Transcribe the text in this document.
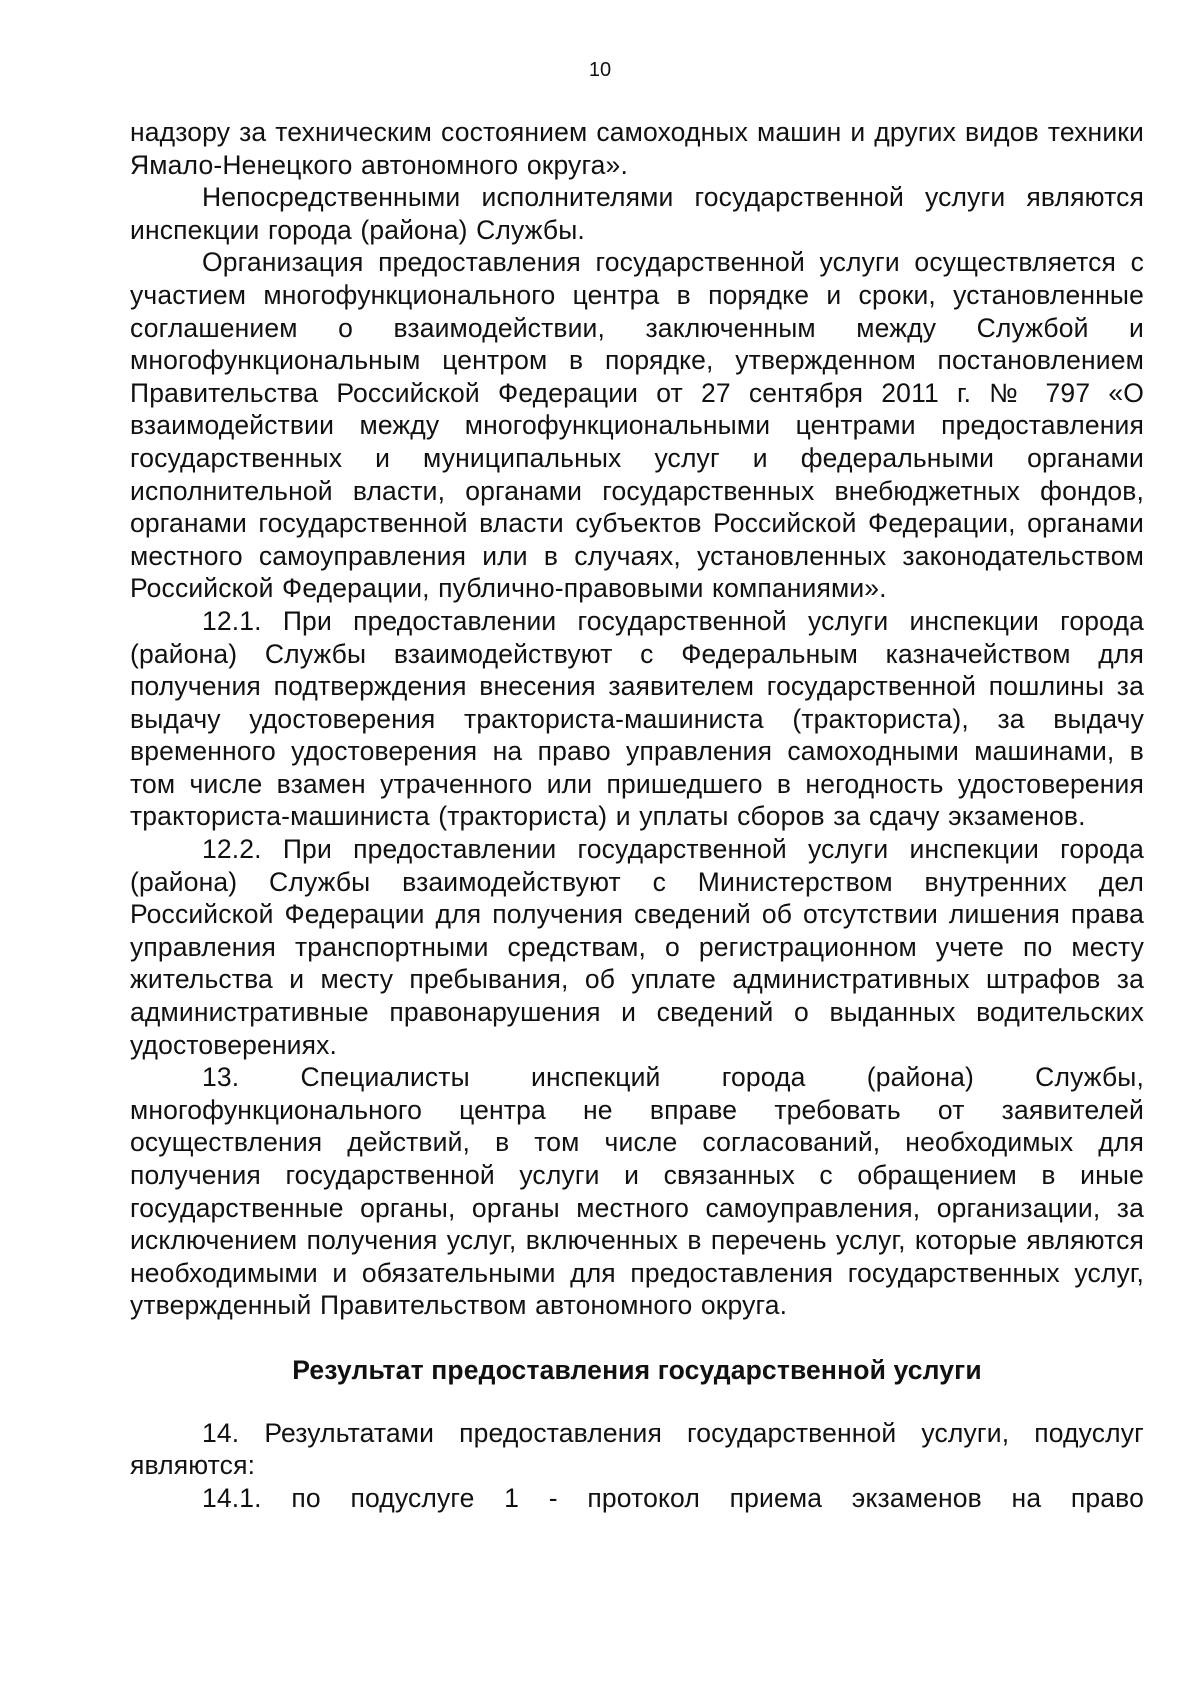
10

надзору за техническим состоянием самоходных машин и других видов техники Ямало-Ненецкого автономного округа».

Непосредственными исполнителями государственной услуги являются инспекции города (района) Службы.

Организация предоставления государственной услуги осуществляется с участием многофункционального центра в порядке и сроки, установленные соглашением о взаимодействии, заключенным между Службой и многофункциональным центром в порядке, утвержденном постановлением Правительства Российской Федерации от 27 сентября 2011 г. № 797 «О взаимодействии между многофункциональными центрами предоставления государственных и муниципальных услуг и федеральными органами исполнительной власти, органами государственных внебюджетных фондов, органами государственной власти субъектов Российской Федерации, органами местного самоуправления или в случаях, установленных законодательством Российской Федерации, публично-правовыми компаниями».

12.1. При предоставлении государственной услуги инспекции города (района) Службы взаимодействуют с Федеральным казначейством для получения подтверждения внесения заявителем государственной пошлины за выдачу удостоверения тракториста-машиниста (тракториста), за выдачу временного удостоверения на право управления самоходными машинами, в том числе взамен утраченного или пришедшего в негодность удостоверения тракториста-машиниста (тракториста) и уплаты сборов за сдачу экзаменов.

12.2. При предоставлении государственной услуги инспекции города (района) Службы взаимодействуют с Министерством внутренних дел Российской Федерации для получения сведений об отсутствии лишения права управления транспортными средствам, о регистрационном учете по месту жительства и месту пребывания, об уплате административных штрафов за административные правонарушения и сведений о выданных водительских удостоверениях.

13. Специалисты инспекций города (района) Службы, многофункционального центра не вправе требовать от заявителей осуществления действий, в том числе согласований, необходимых для получения государственной услуги и связанных с обращением в иные государственные органы, органы местного самоуправления, организации, за исключением получения услуг, включенных в перечень услуг, которые являются необходимыми и обязательными для предоставления государственных услуг, утвержденный Правительством автономного округа.

Результат предоставления государственной услуги

14. Результатами предоставления государственной услуги, подуслуг являются:

14.1. по подуслуге 1 - протокол приема экзаменов на право
